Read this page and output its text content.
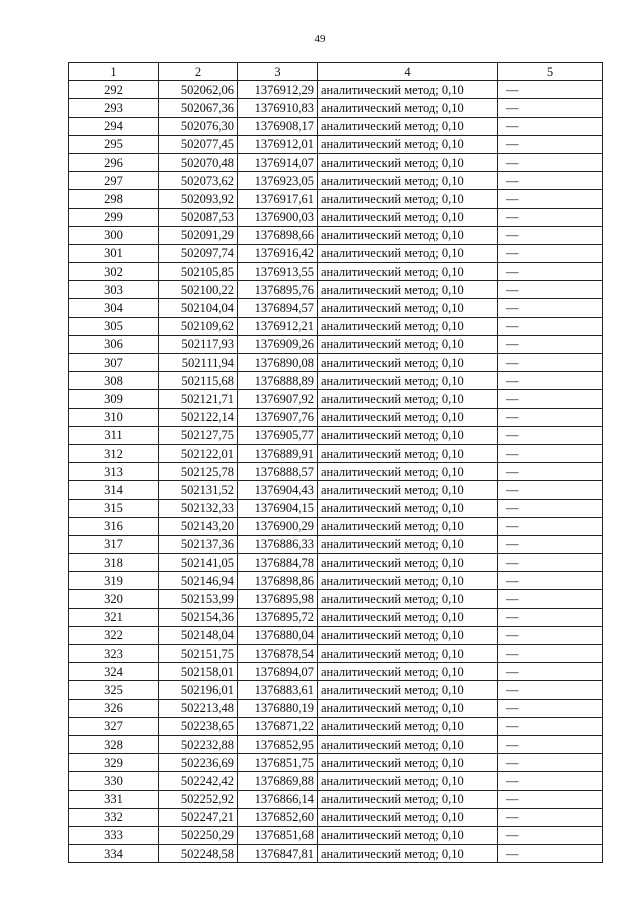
49
1	2	3	4	5
292	502062,06	1376912,29	аналитический метод; 0,10	—
293	502067,36	1376910,83	аналитический метод; 0,10	—
294	502076,30	1376908,17	аналитический метод; 0,10	—
295	502077,45	1376912,01	аналитический метод; 0,10	—
296	502070,48	1376914,07	аналитический метод; 0,10	—
297	502073,62	1376923,05	аналитический метод; 0,10	—
298	502093,92	1376917,61	аналитический метод; 0,10	—
299	502087,53	1376900,03	аналитический метод; 0,10	—
300	502091,29	1376898,66	аналитический метод; 0,10	—
301	502097,74	1376916,42	аналитический метод; 0,10	—
302	502105,85	1376913,55	аналитический метод; 0,10	—
303	502100,22	1376895,76	аналитический метод; 0,10	—
304	502104,04	1376894,57	аналитический метод; 0,10	—
305	502109,62	1376912,21	аналитический метод; 0,10	—
306	502117,93	1376909,26	аналитический метод; 0,10	—
307	502111,94	1376890,08	аналитический метод; 0,10	—
308	502115,68	1376888,89	аналитический метод; 0,10	—
309	502121,71	1376907,92	аналитический метод; 0,10	—
310	502122,14	1376907,76	аналитический метод; 0,10	—
311	502127,75	1376905,77	аналитический метод; 0,10	—
312	502122,01	1376889,91	аналитический метод; 0,10	—
313	502125,78	1376888,57	аналитический метод; 0,10	—
314	502131,52	1376904,43	аналитический метод; 0,10	—
315	502132,33	1376904,15	аналитический метод; 0,10	—
316	502143,20	1376900,29	аналитический метод; 0,10	—
317	502137,36	1376886,33	аналитический метод; 0,10	—
318	502141,05	1376884,78	аналитический метод; 0,10	—
319	502146,94	1376898,86	аналитический метод; 0,10	—
320	502153,99	1376895,98	аналитический метод; 0,10	—
321	502154,36	1376895,72	аналитический метод; 0,10	—
322	502148,04	1376880,04	аналитический метод; 0,10	—
323	502151,75	1376878,54	аналитический метод; 0,10	—
324	502158,01	1376894,07	аналитический метод; 0,10	—
325	502196,01	1376883,61	аналитический метод; 0,10	—
326	502213,48	1376880,19	аналитический метод; 0,10	—
327	502238,65	1376871,22	аналитический метод; 0,10	—
328	502232,88	1376852,95	аналитический метод; 0,10	—
329	502236,69	1376851,75	аналитический метод; 0,10	—
330	502242,42	1376869,88	аналитический метод; 0,10	—
331	502252,92	1376866,14	аналитический метод; 0,10	—
332	502247,21	1376852,60	аналитический метод; 0,10	—
333	502250,29	1376851,68	аналитический метод; 0,10	—
334	502248,58	1376847,81	аналитический метод; 0,10	—
